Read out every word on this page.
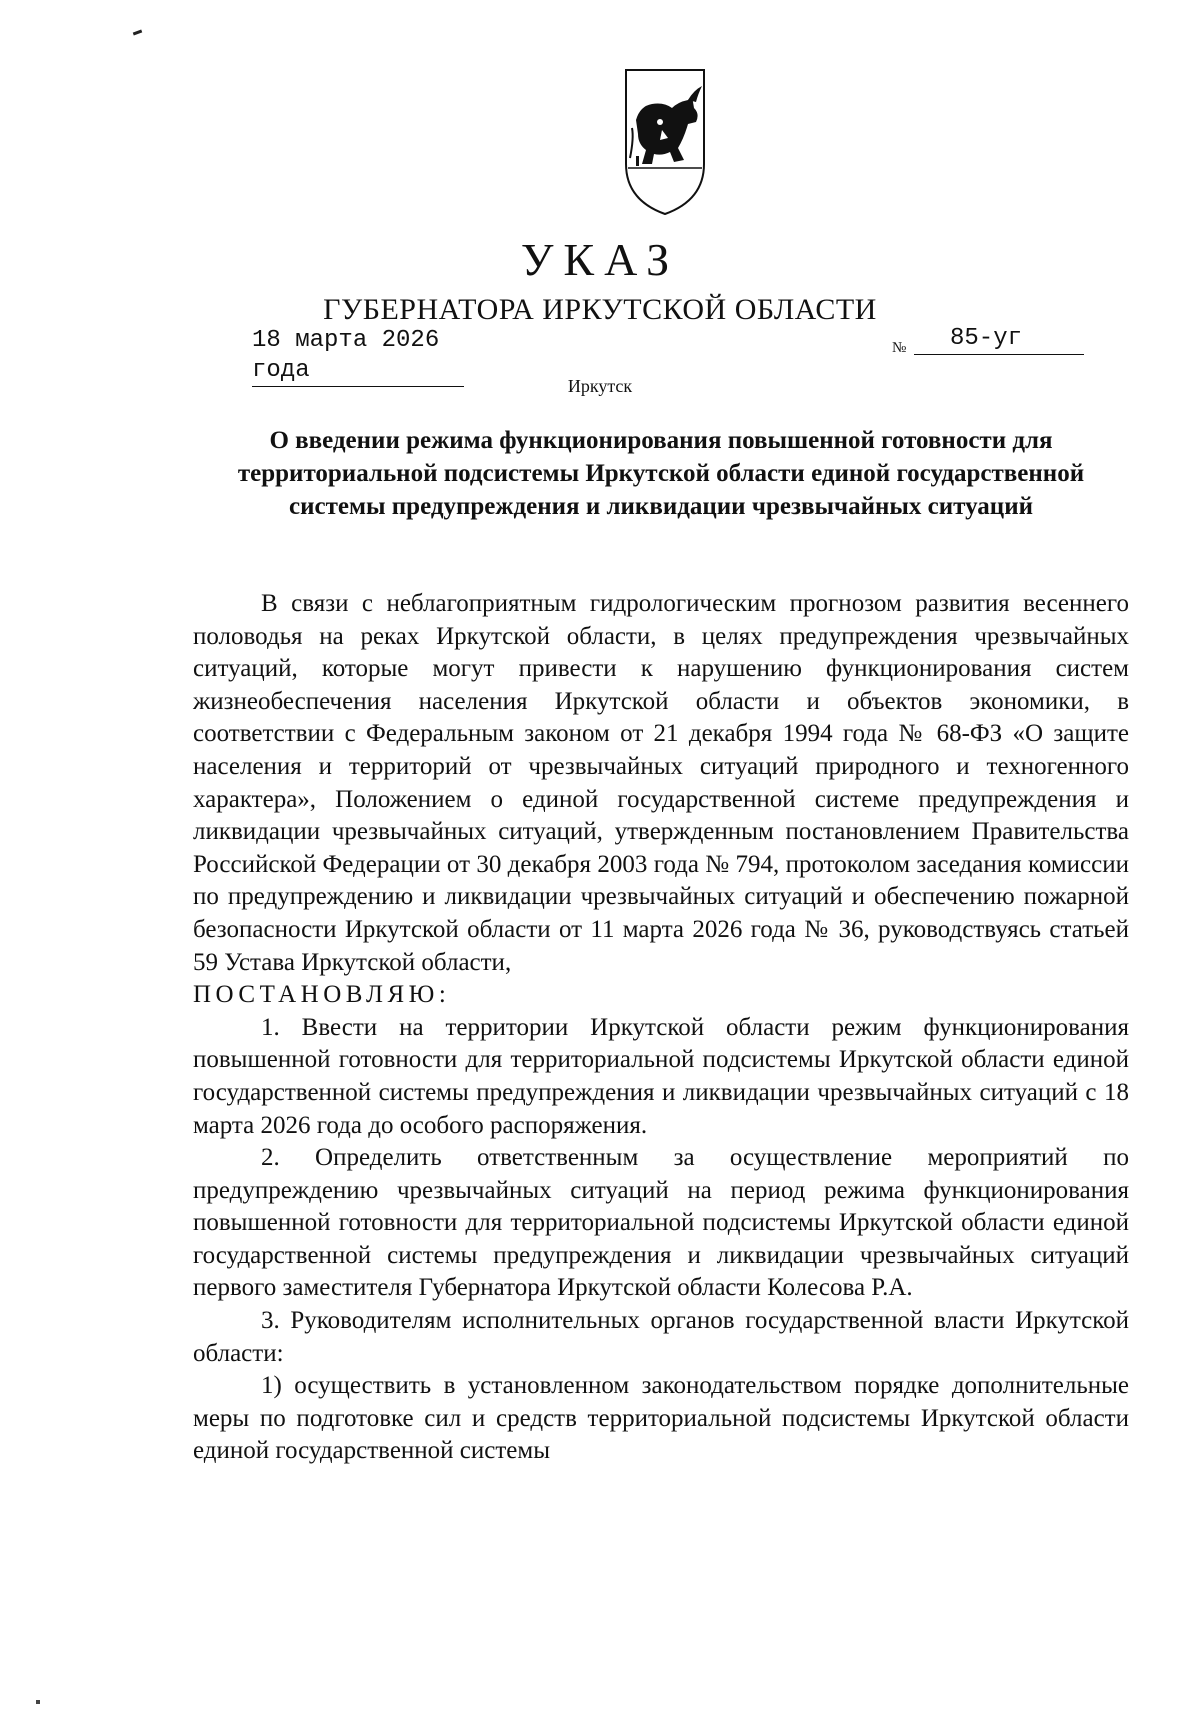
УКАЗ
ГУБЕРНАТОРА ИРКУТСКОЙ ОБЛАСТИ
18 марта 2026 года
№	85-уг
Иркутск
О введении режима функционирования повышенной готовности для территориальной подсистемы Иркутской области единой государственной системы предупреждения и ликвидации чрезвычайных ситуаций

В связи с неблагоприятным гидрологическим прогнозом развития весеннего половодья на реках Иркутской области, в целях предупреждения чрезвычайных ситуаций, которые могут привести к нарушению функционирования систем жизнеобеспечения населения Иркутской области и объектов экономики, в соответствии с Федеральным законом от 21 декабря 1994 года № 68-ФЗ «О защите населения и территорий от чрезвычайных ситуаций природного и техногенного характера», Положением о единой государственной системе предупреждения и ликвидации чрезвычайных ситуаций, утвержденным постановлением Правительства Российской Федерации от 30 декабря 2003 года № 794, протоколом заседания комиссии по предупреждению и ликвидации чрезвычайных ситуаций и обеспечению пожарной безопасности Иркутской области от 11 марта 2026 года № 36, руководствуясь статьей 59 Устава Иркутской области,

ПОСТАНОВЛЯЮ:

1. Ввести на территории Иркутской области режим функционирования повышенной готовности для территориальной подсистемы Иркутской области единой государственной системы предупреждения и ликвидации чрезвычайных ситуаций с 18 марта 2026 года до особого распоряжения.

2. Определить ответственным за осуществление мероприятий по предупреждению чрезвычайных ситуаций на период режима функционирования повышенной готовности для территориальной подсистемы Иркутской области единой государственной системы предупреждения и ликвидации чрезвычайных ситуаций первого заместителя Губернатора Иркутской области Колесова Р.А.

3. Руководителям исполнительных органов государственной власти Иркутской области:

1) осуществить в установленном законодательством порядке дополнительные меры по подготовке сил и средств территориальной подсистемы Иркутской области единой государственной системы
